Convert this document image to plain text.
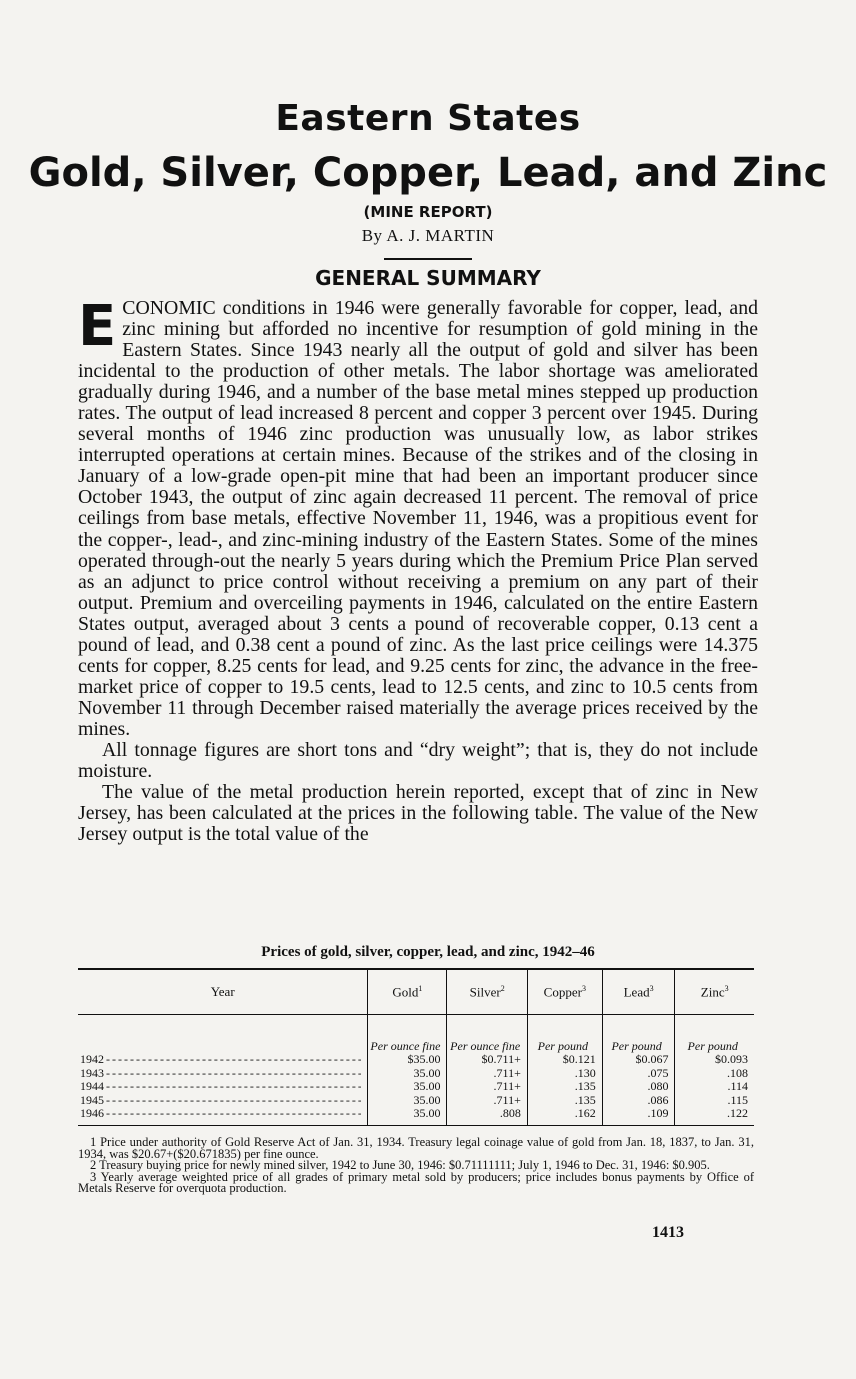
Eastern States
Gold, Silver, Copper, Lead, and Zinc
(MINE REPORT)
By A. J. MARTIN
GENERAL SUMMARY

E CONOMIC conditions in 1946 were generally favorable for copper, lead, and zinc mining but afforded no incentive for resumption of gold mining in the Eastern States. Since 1943 nearly all the output of gold and silver has been incidental to the production of other metals. The labor shortage was ameliorated gradually during 1946, and a number of the base metal mines stepped up production rates. The output of lead increased 8 percent and copper 3 percent over 1945. During several months of 1946 zinc production was unusually low, as labor strikes interrupted operations at certain mines. Because of the strikes and of the closing in January of a low-grade open-pit mine that had been an important producer since October 1943, the output of zinc again decreased 11 percent. The removal of price ceilings from base metals, effective November 11, 1946, was a propitious event for the copper-, lead-, and zinc-mining industry of the Eastern States. Some of the mines operated through-out the nearly 5 years during which the Premium Price Plan served as an adjunct to price control without receiving a premium on any part of their output. Premium and overceiling payments in 1946, calculated on the entire Eastern States output, averaged about 3 cents a pound of recoverable copper, 0.13 cent a pound of lead, and 0.38 cent a pound of zinc. As the last price ceilings were 14.375 cents for copper, 8.25 cents for lead, and 9.25 cents for zinc, the advance in the free-market price of copper to 19.5 cents, lead to 12.5 cents, and zinc to 10.5 cents from November 11 through December raised materially the average prices received by the mines.

All tonnage figures are short tons and “dry weight”; that is, they do not include moisture.

The value of the metal production herein reported, except that of zinc in New Jersey, has been calculated at the prices in the following table. The value of the New Jersey output is the total value of the

Prices of gold, silver, copper, lead, and zinc, 1942–46
Year	Gold$^1$	Silver$^2$	Copper$^3$	Lead$^3$	Zinc$^3$
	Per ounce fine	Per ounce fine	Per pound	Per pound	Per pound

1942 - - -	$35.00	$0.711+	$0.121	$0.067	$0.093

1943 - - -	35.00	.711+	.130	.075	.108

1944 - - -	35.00	.711+	.135	.080	.114

1945 - - -	35.00	.711+	.135	.086	.115

1946 - - -	35.00	.808	.162	.109	.122

1 Price under authority of Gold Reserve Act of Jan. 31, 1934. Treasury legal coinage value of gold from Jan. 18, 1837, to Jan. 31, 1934, was $20.67+($20.671835) per fine ounce.

2 Treasury buying price for newly mined silver, 1942 to June 30, 1946: $0.71111111; July 1, 1946 to Dec. 31, 1946: $0.905.

3 Yearly average weighted price of all grades of primary metal sold by producers; price includes bonus payments by Office of Metals Reserve for overquota production.

1413
